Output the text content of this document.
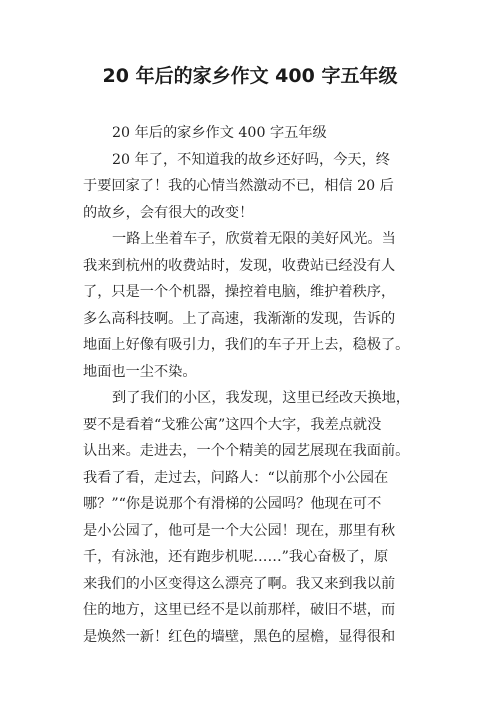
20 年后的家乡作文 400 字五年级
20 年后的家乡作文 400 字五年级
20 年了，不知道我的故乡还好吗，今天，终
于要回家了！我的心情当然激动不已，相信 20 后
的故乡，会有很大的改变！
一路上坐着车子，欣赏着无限的美好风光。当
我来到杭州的收费站时，发现，收费站已经没有人
了，只是一个个机器，操控着电脑，维护着秩序，
多么高科技啊。上了高速，我渐渐的发现，告诉的
地面上好像有吸引力，我们的车子开上去，稳极了。
地面也一尘不染。
到了我们的小区，我发现，这里已经改天换地，
要不是看着“戈雅公寓”这四个大字，我差点就没
认出来。走进去，一个个精美的园艺展现在我面前。
我看了看，走过去，问路人：“以前那个小公园在
哪？”“你是说那个有滑梯的公园吗？他现在可不
是小公园了，他可是一个大公园！现在，那里有秋
千，有泳池，还有跑步机呢……”我心奋极了，原
来我们的小区变得这么漂亮了啊。我又来到我以前
住的地方，这里已经不是以前那样，破旧不堪，而
是焕然一新！红色的墙壁，黑色的屋檐，显得很和
